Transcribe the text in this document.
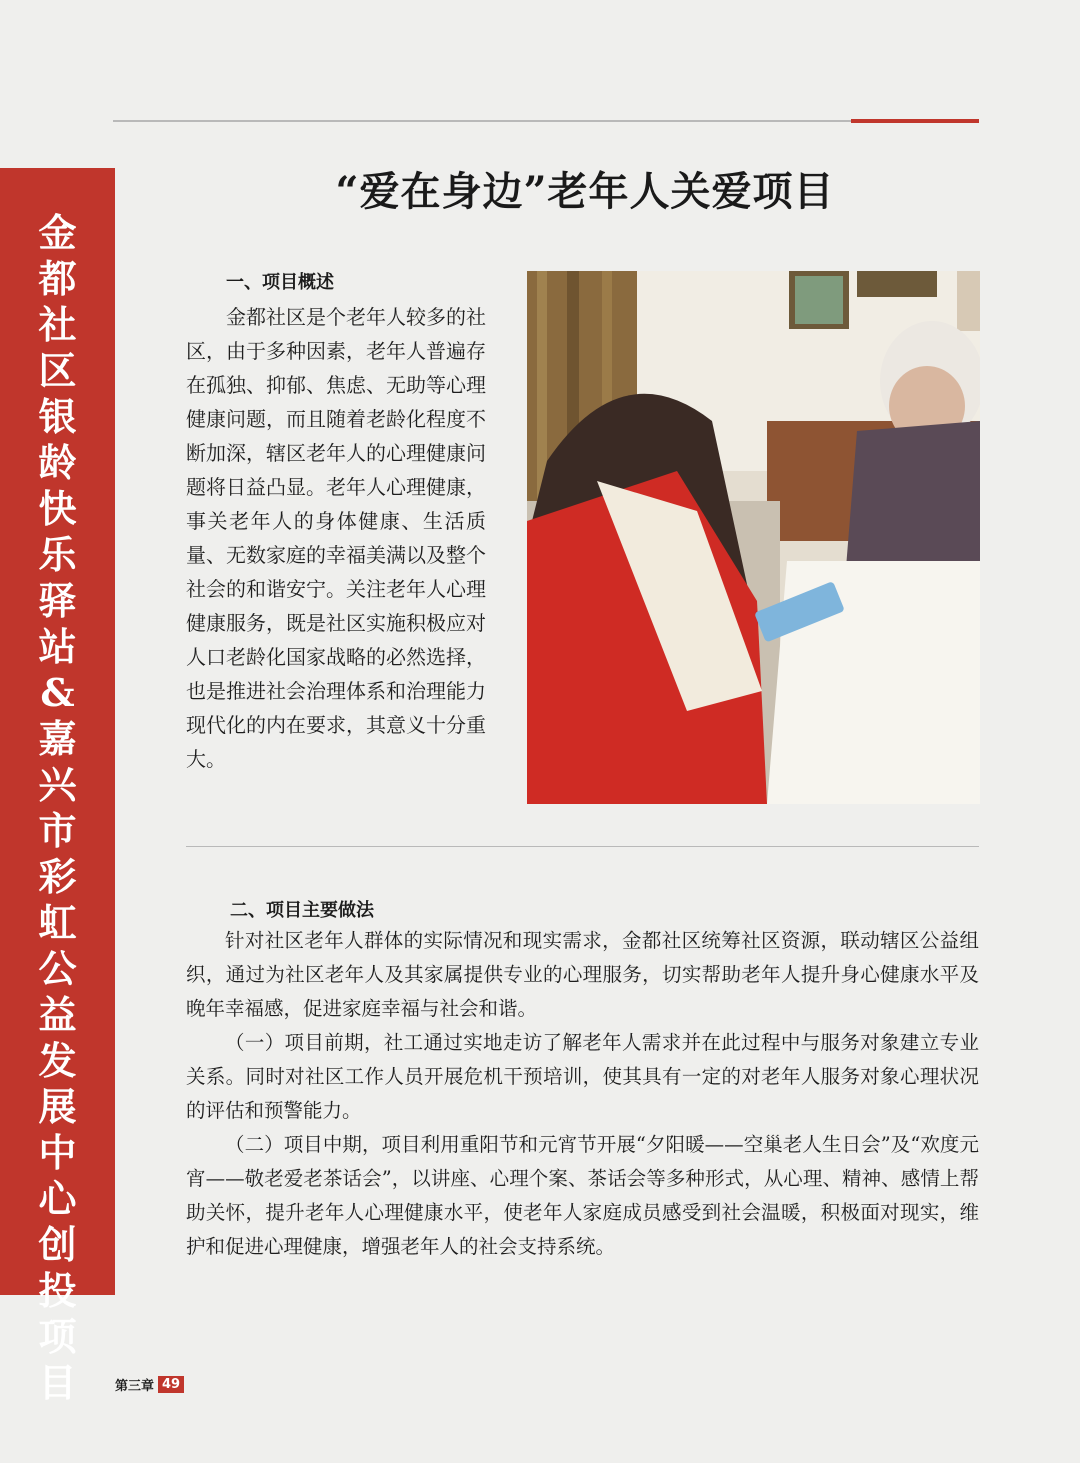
金
都
社
区
银
龄
快
乐
驿
站
&
嘉
兴
市
彩
虹
公
益
发
展
中
心
创
投
项
目
“爱在身边”老年人关爱项目
一、项目概述
金都社区是个老年人较多的社区，由于多种因素，老年人普遍存在孤独、抑郁、焦虑、无助等心理健康问题，而且随着老龄化程度不断加深，辖区老年人的心理健康问题将日益凸显。老年人心理健康，事关老年人的身体健康、生活质量、无数家庭的幸福美满以及整个社会的和谐安宁。关注老年人心理健康服务，既是社区实施积极应对人口老龄化国家战略的必然选择，也是推进社会治理体系和治理能力现代化的内在要求，其意义十分重大。
二、项目主要做法

针对社区老年人群体的实际情况和现实需求，金都社区统筹社区资源，联动辖区公益组织，通过为社区老年人及其家属提供专业的心理服务，切实帮助老年人提升身心健康水平及晚年幸福感，促进家庭幸福与社会和谐。

（一）项目前期，社工通过实地走访了解老年人需求并在此过程中与服务对象建立专业关系。同时对社区工作人员开展危机干预培训，使其具有一定的对老年人服务对象心理状况的评估和预警能力。

（二）项目中期，项目利用重阳节和元宵节开展“夕阳暖——空巢老人生日会”及“欢度元宵——敬老爱老茶话会”，以讲座、心理个案、茶话会等多种形式，从心理、精神、感情上帮助关怀，提升老年人心理健康水平，使老年人家庭成员感受到社会温暖，积极面对现实，维护和促进心理健康，增强老年人的社会支持系统。

第三章 49
